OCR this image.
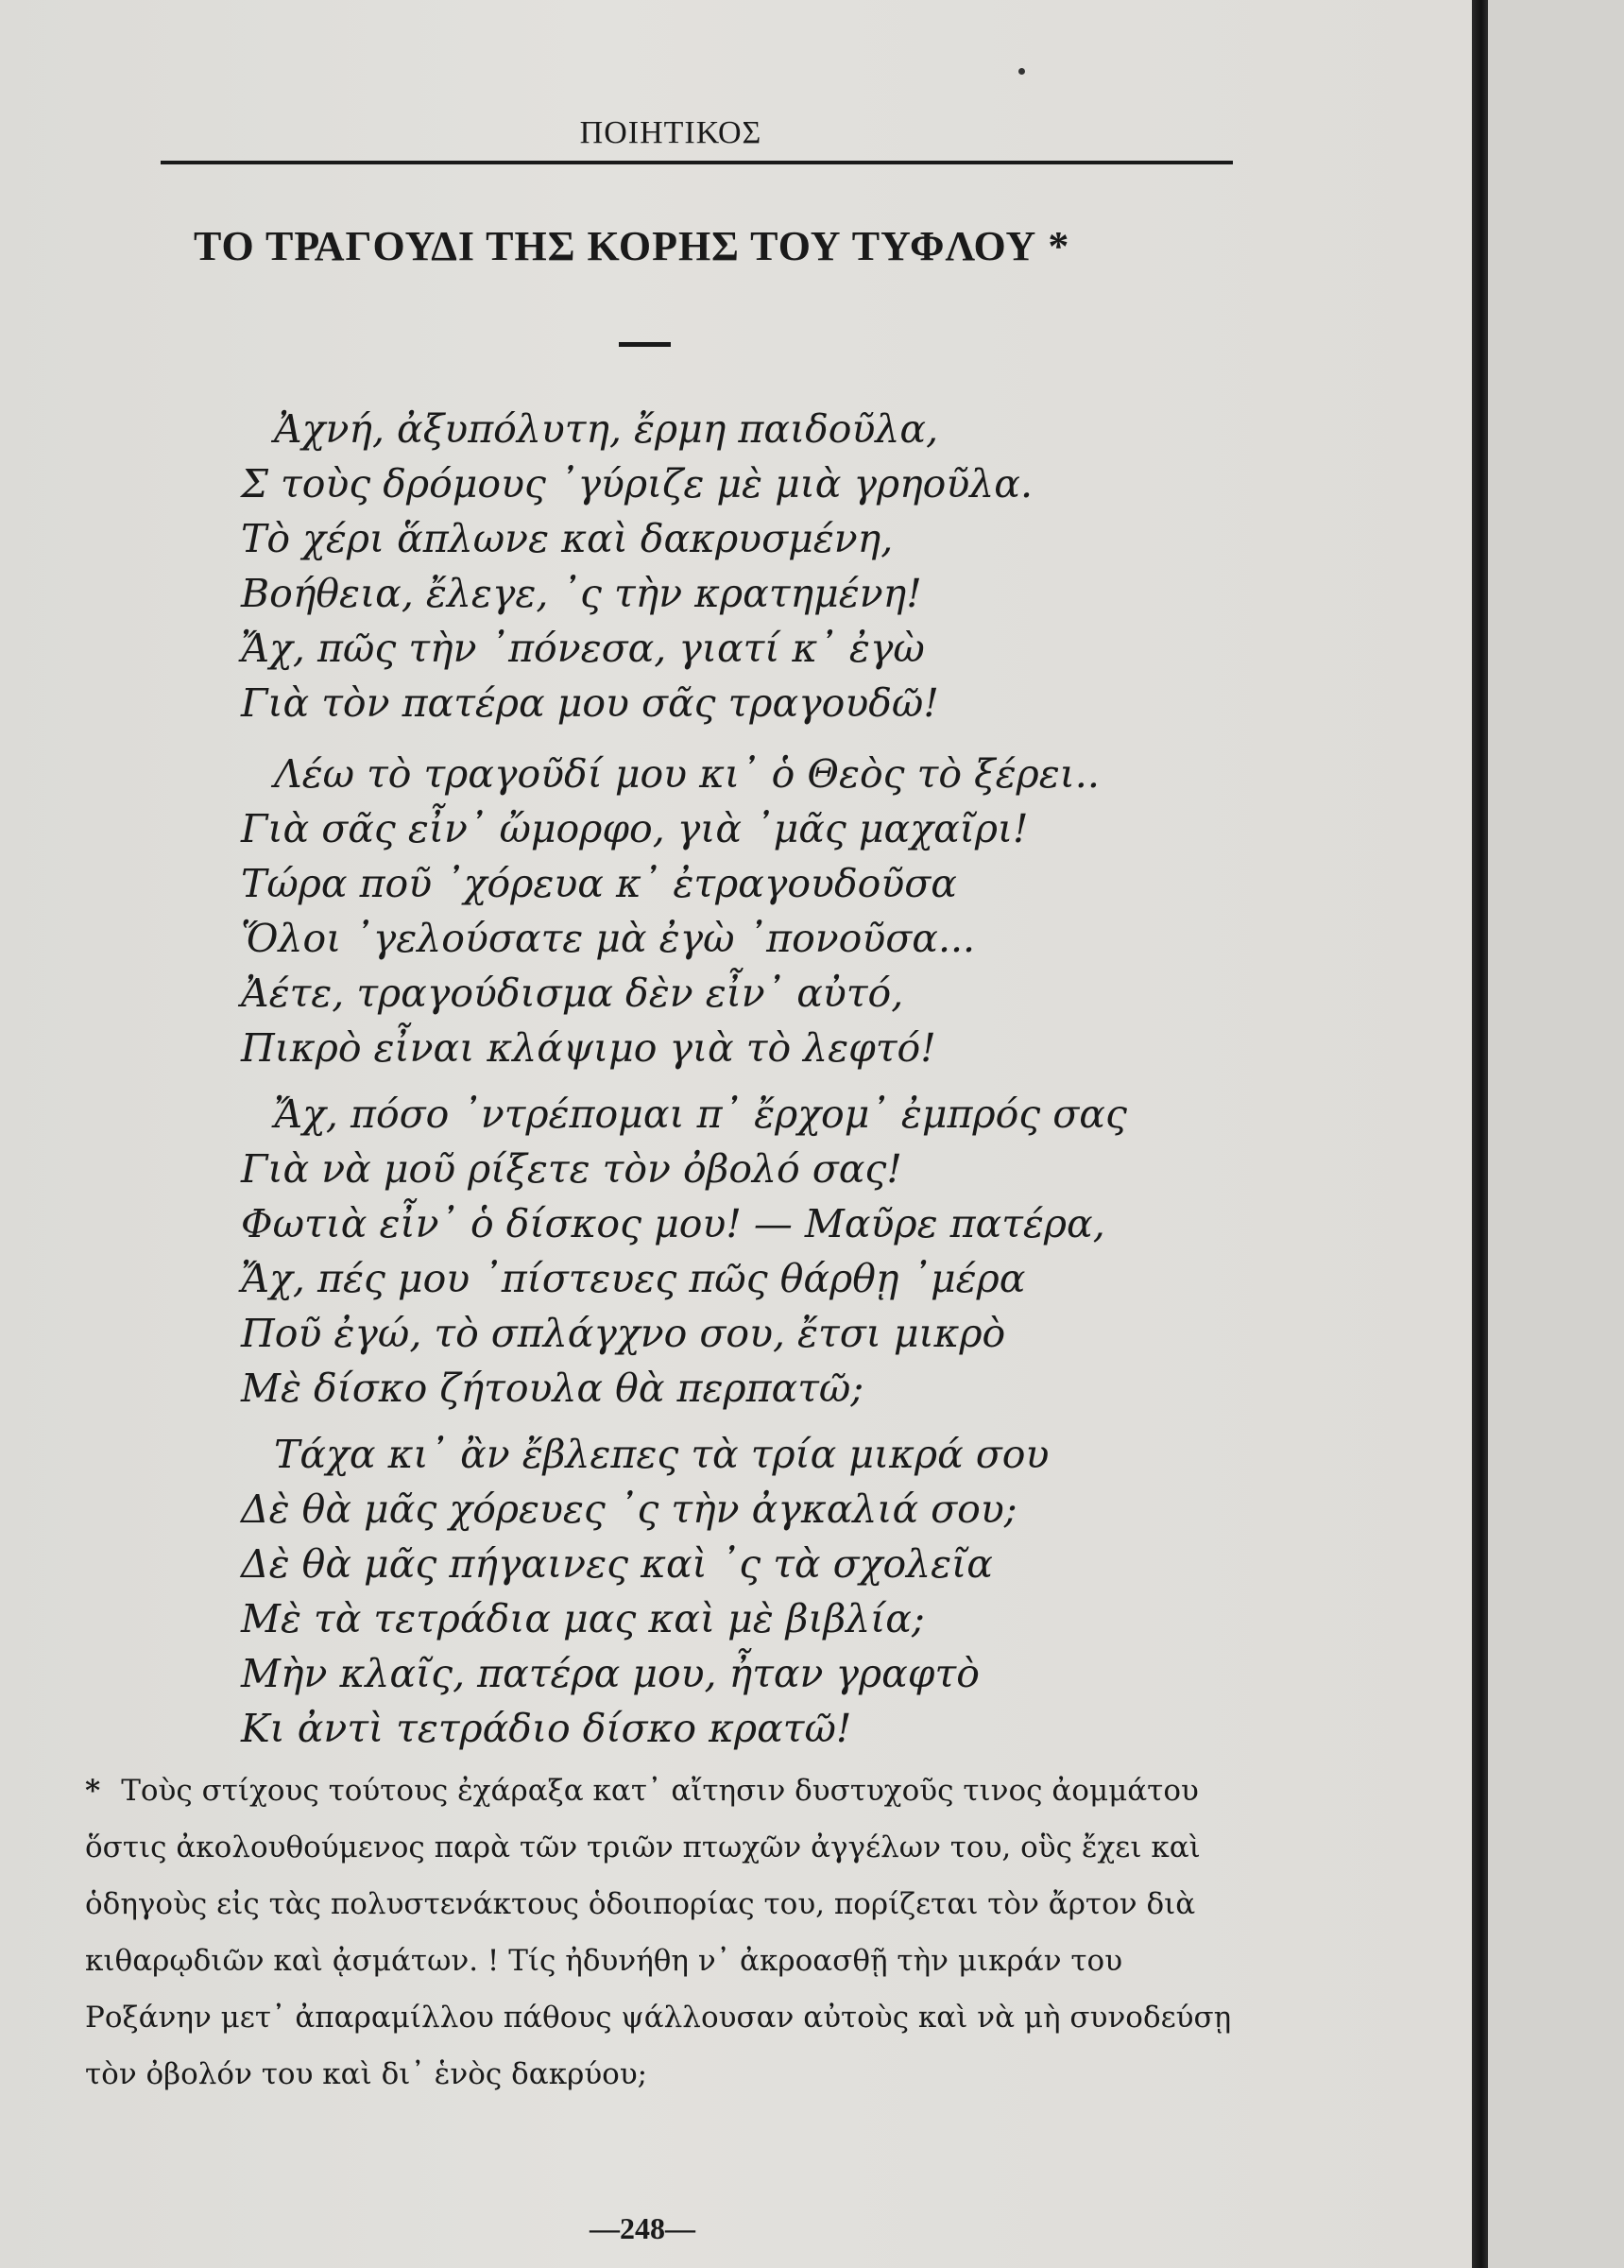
ΠΟΙΗΤΙΚΟΣ
ΤΟ ΤΡΑΓΟΥΔΙ ΤΗΣ ΚΟΡΗΣ ΤΟΥ ΤΥΦΛΟΥ *
Ἀχνή, ἀξυπόλυτη, ἔρμη παιδοῦλα,
Σ τοὺς δρόμους ᾽γύριζε μὲ μιὰ γρηοῦλα.
Τὸ χέρι ἅπλωνε καὶ δακρυσμένη,
Βοήθεια, ἔλεγε, ᾽ς τὴν κρατημένη!
Ἄχ, πῶς τὴν ᾽πόνεσα, γιατί κ᾽ ἐγὼ
Γιὰ τὸν πατέρα μου σᾶς τραγουδῶ!
Λέω τὸ τραγοῦδί μου κι᾽ ὁ Θεὸς τὸ ξέρει..
Γιὰ σᾶς εἶν᾽ ὤμορφο, γιὰ ᾽μᾶς μαχαῖρι!
Τώρα ποῦ ᾽χόρευα κ᾽ ἐτραγουδοῦσα
Ὅλοι ᾽γελούσατε μὰ ἐγὼ ᾽πονοῦσα...
Ἀέτε, τραγούδισμα δὲν εἶν᾽ αὐτό,
Πικρὸ εἶναι κλάψιμο γιὰ τὸ λεφτό!
Ἄχ, πόσο ᾽ντρέπομαι π᾽ ἔρχομ᾽ ἐμπρός σας
Γιὰ νὰ μοῦ ρίξετε τὸν ὀβολό σας!
Φωτιὰ εἶν᾽ ὁ δίσκος μου! — Μαῦρε πατέρα,
Ἄχ, πές μου ᾽πίστευες πῶς θάρθῃ ᾽μέρα
Ποῦ ἐγώ, τὸ σπλάγχνο σου, ἔτσι μικρὸ
Μὲ δίσκο ζήτουλα θὰ περπατῶ;
Τάχα κι᾽ ἂν ἔβλεπες τὰ τρία μικρά σου
Δὲ θὰ μᾶς χόρευες ᾽ς τὴν ἀγκαλιά σου;
Δὲ θὰ μᾶς πήγαινες καὶ ᾽ς τὰ σχολεῖα
Μὲ τὰ τετράδια μας καὶ μὲ βιβλία;
Μὴν κλαῖς, πατέρα μου, ἦταν γραφτὸ
Κι ἀντὶ τετράδιο δίσκο κρατῶ!
* Τοὺς στίχους τούτους ἐχάραξα κατ᾽ αἴτησιν δυστυχοῦς τινος ἀομμάτου ὅστις ἀκολουθούμενος παρὰ τῶν τριῶν πτωχῶν ἀγγέλων του, οὓς ἔχει καὶ ὁδηγοὺς εἰς τὰς πολυστενάκτους ὁδοιπορίας του, πορίζεται τὸν ἄρτον διὰ κιθαρῳδιῶν καὶ ᾀσμάτων. ! Τίς ἠδυνήθη ν᾽ ἀκροασθῇ τὴν μικράν του Ροξάνην μετ᾽ ἀπαραμίλλου πάθους ψάλλουσαν αὐτοὺς καὶ νὰ μὴ συνοδεύσῃ τὸν ὀβολόν του καὶ δι᾽ ἑνὸς δακρύου;
—248—
